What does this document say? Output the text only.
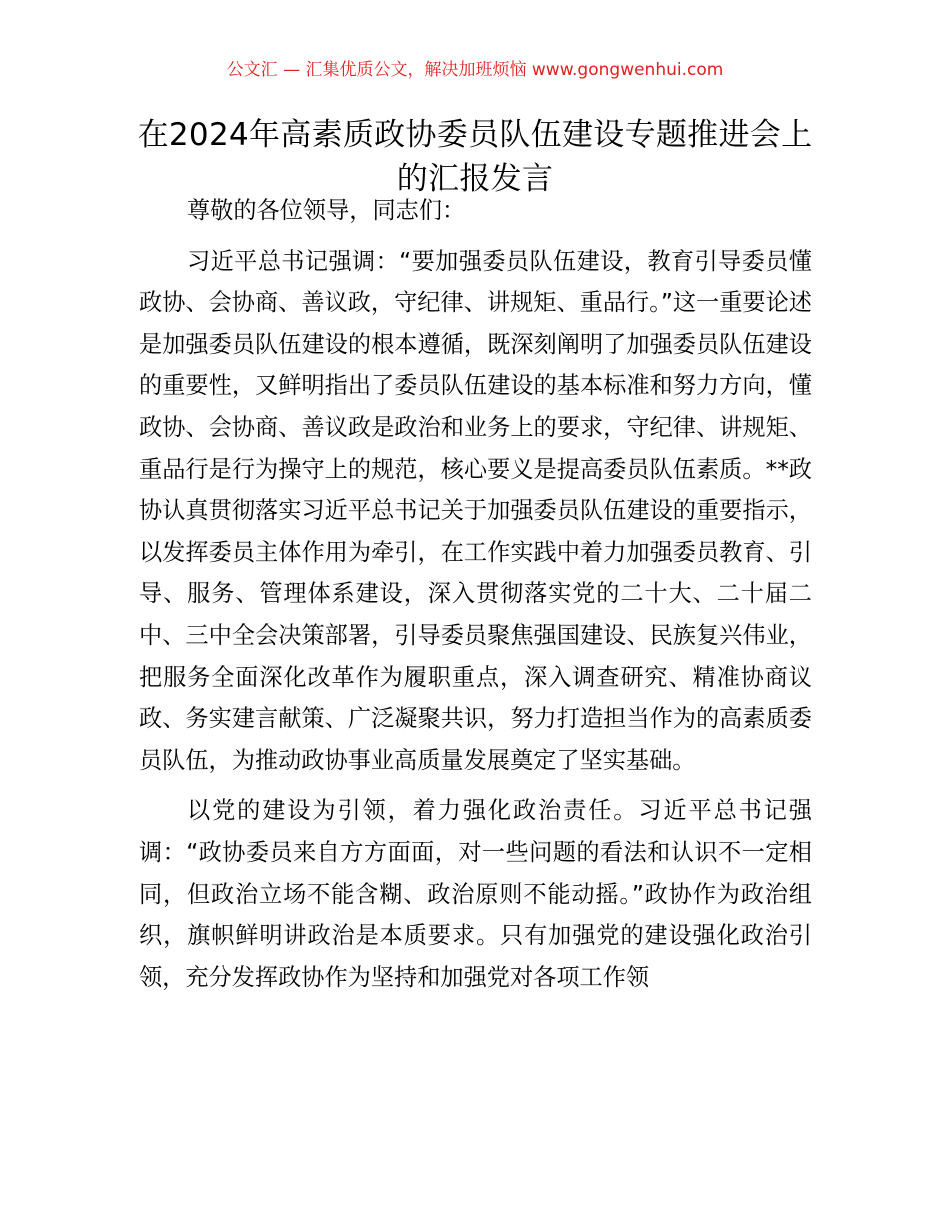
公文汇 — 汇集优质公文，解决加班烦恼 www.gongwenhui.com
在2024年高素质政协委员队伍建设专题推进会上的汇报发言

尊敬的各位领导，同志们：

习近平总书记强调：“要加强委员队伍建设，教育引导委员懂政协、会协商、善议政，守纪律、讲规矩、重品行。”这一重要论述是加强委员队伍建设的根本遵循，既深刻阐明了加强委员队伍建设的重要性，又鲜明指出了委员队伍建设的基本标准和努力方向，懂政协、会协商、善议政是政治和业务上的要求，守纪律、讲规矩、重品行是行为操守上的规范，核心要义是提高委员队伍素质。**政协认真贯彻落实习近平总书记关于加强委员队伍建设的重要指示，以发挥委员主体作用为牵引，在工作实践中着力加强委员教育、引导、服务、管理体系建设，深入贯彻落实党的二十大、二十届二中、三中全会决策部署，引导委员聚焦强国建设、民族复兴伟业，把服务全面深化改革作为履职重点，深入调查研究、精准协商议政、务实建言献策、广泛凝聚共识，努力打造担当作为的高素质委员队伍，为推动政协事业高质量发展奠定了坚实基础。

以党的建设为引领，着力强化政治责任。习近平总书记强调：“政协委员来自方方面面，对一些问题的看法和认识不一定相同，但政治立场不能含糊、政治原则不能动摇。”政协作为政治组织，旗帜鲜明讲政治是本质要求。只有加强党的建设强化政治引领，充分发挥政协作为坚持和加强党对各项工作领
